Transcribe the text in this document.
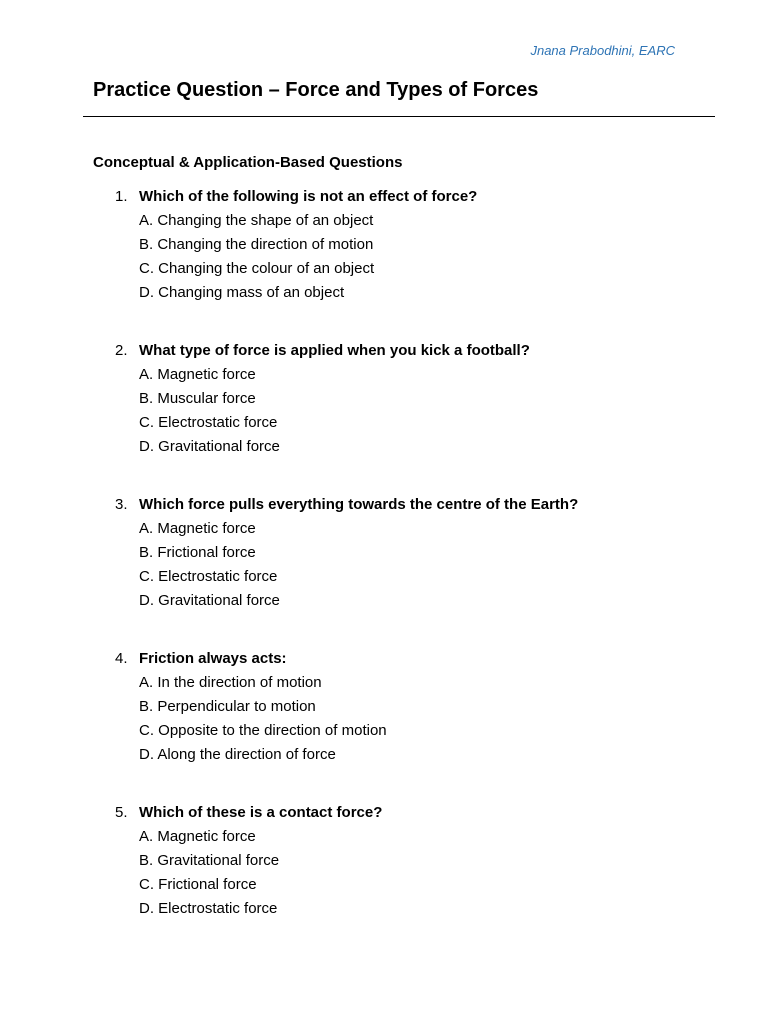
Jnana Prabodhini, EARC
Practice Question – Force and Types of Forces
Conceptual & Application-Based Questions
1. Which of the following is not an effect of force?
A. Changing the shape of an object
B. Changing the direction of motion
C. Changing the colour of an object
D. Changing mass of an object
2. What type of force is applied when you kick a football?
A. Magnetic force
B. Muscular force
C. Electrostatic force
D. Gravitational force
3. Which force pulls everything towards the centre of the Earth?
A. Magnetic force
B. Frictional force
C. Electrostatic force
D. Gravitational force
4. Friction always acts:
A. In the direction of motion
B. Perpendicular to motion
C. Opposite to the direction of motion
D. Along the direction of force
5. Which of these is a contact force?
A. Magnetic force
B. Gravitational force
C. Frictional force
D. Electrostatic force
